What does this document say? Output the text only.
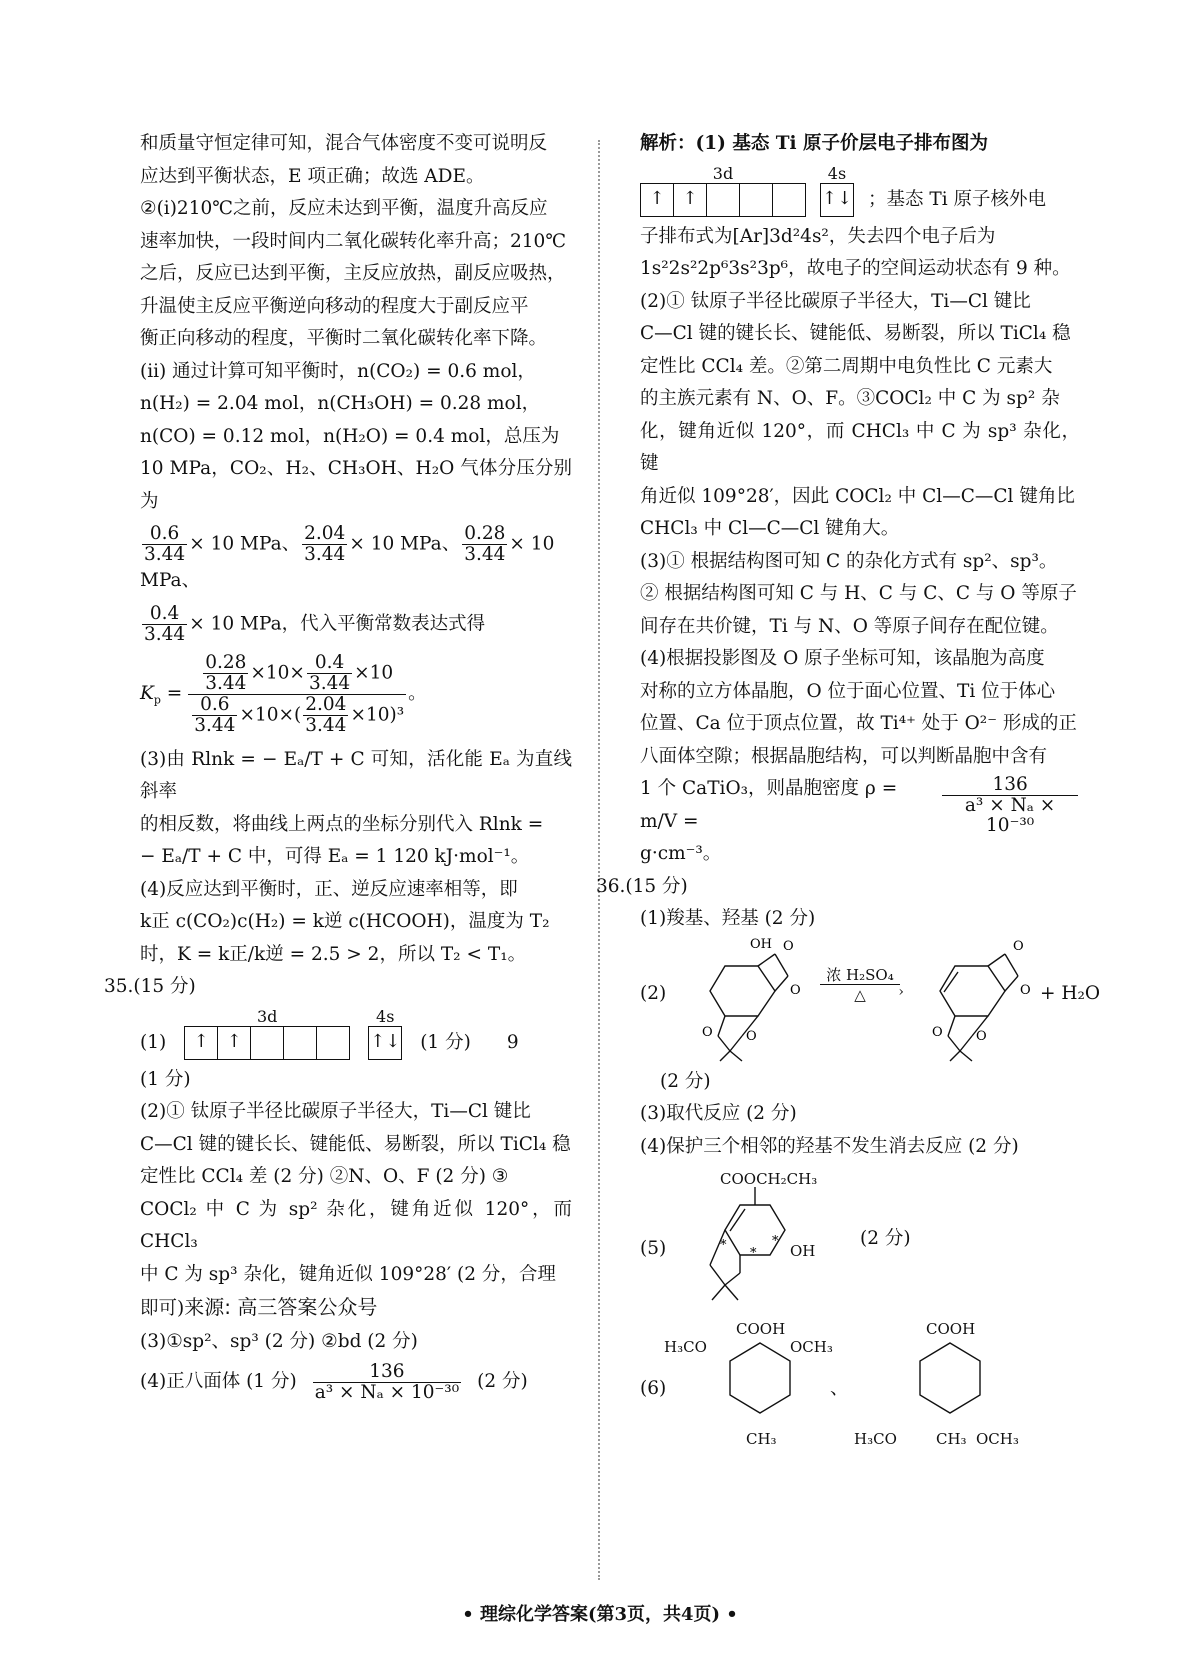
和质量守恒定律可知，混合气体密度不变可说明反

应达到平衡状态，E 项正确；故选 ADE。

②(i)210℃之前，反应未达到平衡，温度升高反应

速率加快，一段时间内二氧化碳转化率升高；210℃

之后，反应已达到平衡，主反应放热，副反应吸热，

升温使主反应平衡逆向移动的程度大于副反应平

衡正向移动的程度，平衡时二氧化碳转化率下降。

(ii) 通过计算可知平衡时，n(CO₂) = 0.6 mol，

n(H₂) = 2.04 mol，n(CH₃OH) = 0.28 mol，

n(CO) = 0.12 mol，n(H₂O) = 0.4 mol，总压为

10 MPa，CO₂、H₂、CH₃OH、H₂O 气体分压分别为

$\frac{0.6}{3.44} \times 10$ MPa、 $\frac{2.04}{3.44} \times 10$ MPa、 $\frac{0.28}{3.44} \times 10$ MPa、
$\frac{0.4}{3.44} \times 10$ MPa，代入平衡常数表达式得
$K_p = \frac{\frac{0.28}{3.44} \times 10\times \frac{0.4}{3.44} \times 10}{\frac{0.6}{3.44} \times 10\times( \frac{2.04}{3.44} \times 10)^3}$ 。

(3)由 Rlnk = − Eₐ/T + C 可知，活化能 Eₐ 为直线斜率

的相反数，将曲线上两点的坐标分别代入 Rlnk =

− Eₐ/T + C 中，可得 Eₐ = 1 120 kJ·mol⁻¹。

(4)反应达到平衡时，正、逆反应速率相等，即

k正 c(CO₂)c(H₂) = k逆 c(HCOOH)，温度为 T₂

时，K = k正/k逆 = 2.5 > 2，所以 T₂ < T₁。

35.(15 分)

(1)
3d
↑ ↑
4s
↑↓ (1 分) 9

(1 分)

(2)① 钛原子半径比碳原子半径大，Ti—Cl 键比

C—Cl 键的键长长、键能低、易断裂，所以 TiCl₄ 稳

定性比 CCl₄ 差 (2 分) ②N、O、F (2 分) ③

COCl₂ 中 C 为 sp² 杂化，键角近似 120°，而 CHCl₃

中 C 为 sp³ 杂化，键角近似 109°28′ (2 分，合理

即可)来源: 高三答案公众号

(3)①sp²、sp³ (2 分) ②bd (2 分)

(4)正八面体 (1 分) $\frac{136}{\text{a³ × Nₐ × 10⁻³⁰}} (2$ 分)

解析：(1) 基态 Ti 原子价层电子排布图为

3d
↑ ↑
4s
↑↓ ；基态 Ti 原子核外电

子排布式为[Ar]3d²4s²，失去四个电子后为

1s²2s²2p⁶3s²3p⁶，故电子的空间运动状态有 9 种。

(2)① 钛原子半径比碳原子半径大，Ti—Cl 键比

C—Cl 键的键长长、键能低、易断裂，所以 TiCl₄ 稳

定性比 CCl₄ 差。②第二周期中电负性比 C 元素大

的主族元素有 N、O、F。③COCl₂ 中 C 为 sp² 杂

化，键角近似 120°，而 CHCl₃ 中 C 为 sp³ 杂化，键

角近似 109°28′，因此 COCl₂ 中 Cl—C—Cl 键角比

CHCl₃ 中 Cl—C—Cl 键角大。

(3)① 根据结构图可知 C 的杂化方式有 sp²、sp³。

② 根据结构图可知 C 与 H、C 与 C、C 与 O 等原子

间存在共价键，Ti 与 N、O 等原子间存在配位键。

(4)根据投影图及 O 原子坐标可知，该晶胞为高度

对称的立方体晶胞，O 位于面心位置、Ti 位于体心

位置、Ca 位于顶点位置，故 Ti⁴⁺ 处于 O²⁻ 形成的正

八面体空隙；根据晶胞结构，可以判断晶胞中含有

1 个 CaTiO₃，则晶胞密度 ρ = m/V =	$\frac{136}{\text{a³ × Nₐ × 10⁻³⁰}}$

g·cm⁻³。

36.(15 分)

(1)羧基、羟基 (2 分)

(2)
OH O
O
O	O
浓 H₂SO₄
›
△
O
O
O	O
+ H₂O

(2 分)

(3)取代反应 (2 分)

(4)保护三个相邻的羟基不发生消去反应 (2 分)

(5)
COOCH₂CH₃
*
*
*
OH
(2 分)
(6)
COOH
H₃CO	OCH₃
CH₃
、
COOH
H₃CO	OCH₃
CH₃
• 理综化学答案(第3页，共4页) •
